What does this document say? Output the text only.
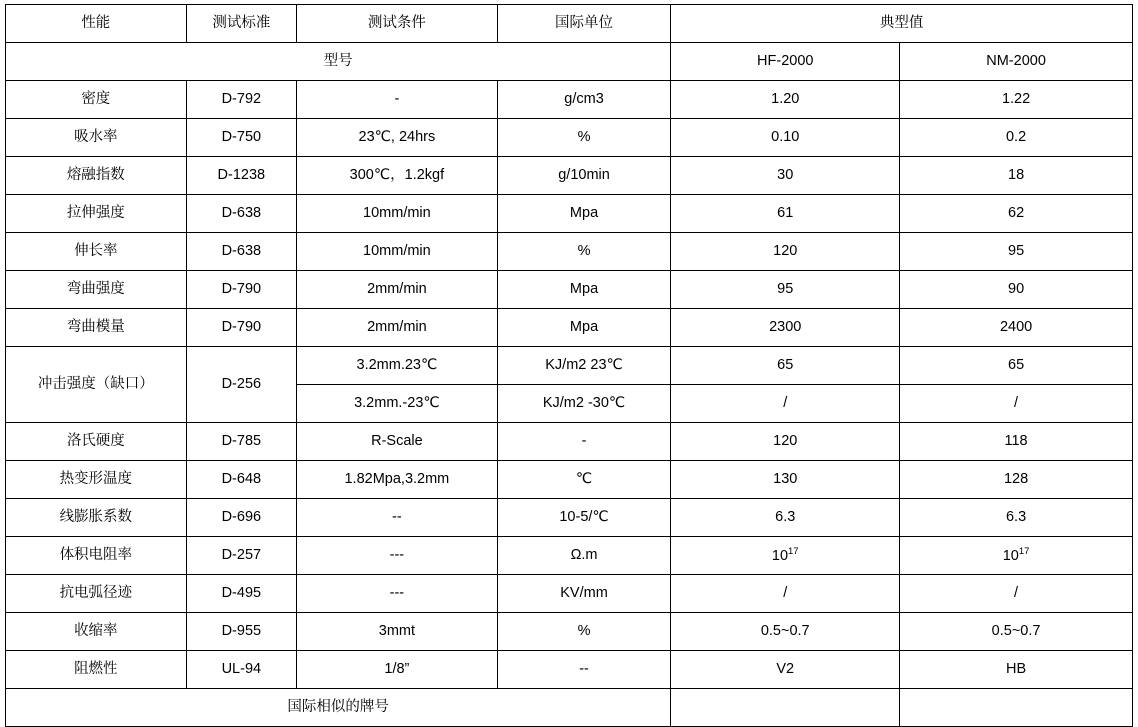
性能	测试标准	测试条件	国际单位	典型值	
型号				HF-2000	NM-2000
密度	D-792	-	g/cm3	1.20	1.22
吸水率	D-750	23℃, 24hrs	%	0.10	0.2
熔融指数	D-1238	300℃，1.2kgf	g/10min	30	18
拉伸强度	D-638	10mm/min	Mpa	61	62
伸长率	D-638	10mm/min	%	120	95
弯曲强度	D-790	2mm/min	Mpa	95	90
弯曲模量	D-790	2mm/min	Mpa	2300	2400
冲击强度（缺口）	D-256	3.2mm.23℃	KJ/m2 23℃	65	65
		3.2mm.-23℃	KJ/m2 -30℃	/	/
洛氏硬度	D-785	R-Scale	-	120	118
热变形温度	D-648	1.82Mpa,3.2mm	℃	130	128
线膨胀系数	D-696	--	10-5/℃	6.3	6.3
体积电阻率	D-257	---	Ω.m	$10^{17}$	$10^{17}$
抗电弧径迹	D-495	---	KV/mm	/	/
收缩率	D-955	3mmt	%	0.5~0.7	0.5~0.7
阻燃性	UL-94	1/8”	--	V2	HB
国际相似的牌号					
